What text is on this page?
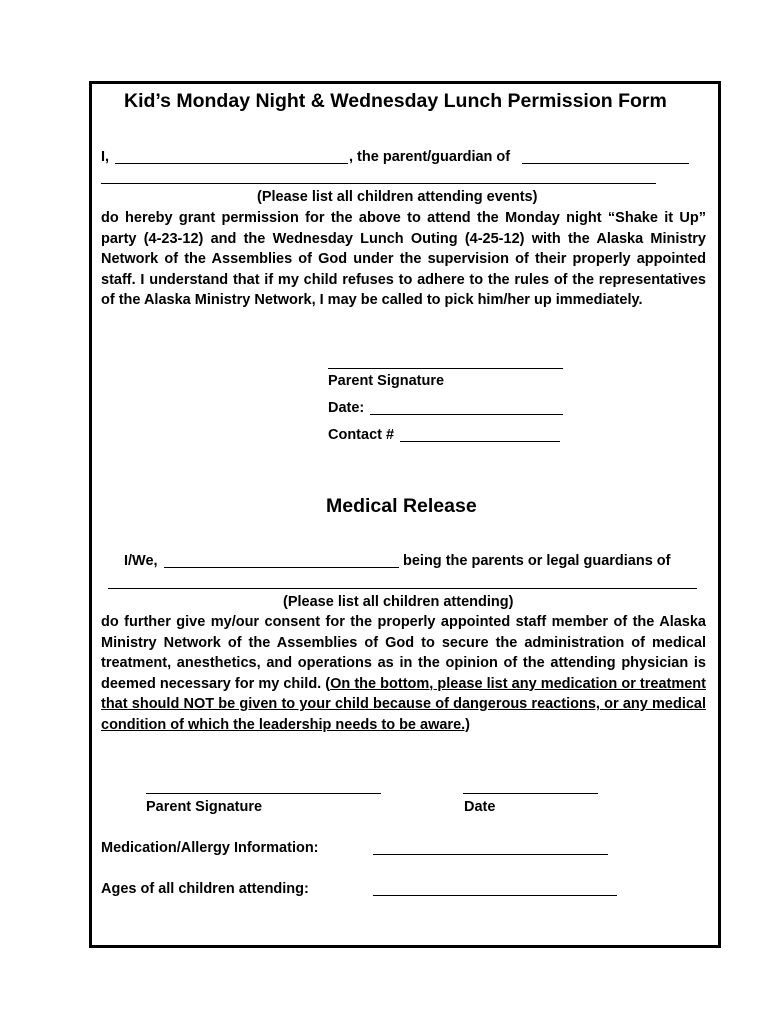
Kid’s Monday Night & Wednesday Lunch Permission Form
I,	, the parent/guardian of
(Please list all children attending events)
do hereby grant permission for the above to attend the Monday night “Shake it Up” party (4-23-12) and the Wednesday Lunch Outing (4-25-12) with the Alaska Ministry Network of the Assemblies of God under the supervision of their properly appointed staff. I understand that if my child refuses to adhere to the rules of the representatives of the Alaska Ministry Network, I may be called to pick him/her up immediately.
Parent Signature
Date:
Contact #
Medical Release
I/We,	being the parents or legal guardians of
(Please list all children attending)
do further give my/our consent for the properly appointed staff member of the Alaska Ministry Network of the Assemblies of God to secure the administration of medical treatment, anesthetics, and operations as in the opinion of the attending physician is deemed necessary for my child. (On the bottom, please list any medication or treatment that should NOT be given to your child because of dangerous reactions, or any medical condition of which the leadership needs to be aware.)
Parent Signature	Date
Medication/Allergy Information:
Ages of all children attending:
